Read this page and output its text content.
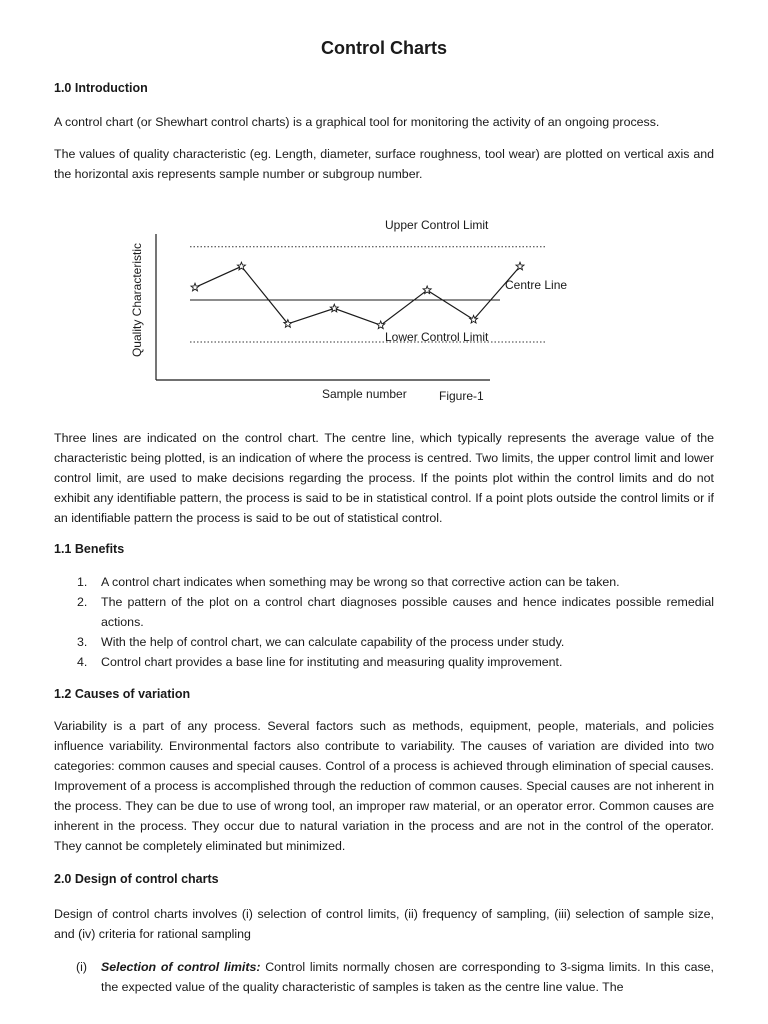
Control Charts
1.0 Introduction

A control chart (or Shewhart control charts) is a graphical tool for monitoring the activity of an ongoing process.

The values of quality characteristic (eg. Length, diameter, surface roughness, tool wear) are plotted on vertical axis and the horizontal axis represents sample number or subgroup number.

Upper Control Limit
Centre Line
Lower Control Limit
Quality Characteristic
Sample number	Figure-1

Three lines are indicated on the control chart. The centre line, which typically represents the average value of the characteristic being plotted, is an indication of where the process is centred. Two limits, the upper control limit and lower control limit, are used to make decisions regarding the process. If the points plot within the control limits and do not exhibit any identifiable pattern, the process is said to be in statistical control. If a point plots outside the control limits or if an identifiable pattern the process is said to be out of statistical control.

1.1 Benefits
1. A control chart indicates when something may be wrong so that corrective action can be taken.
2. The pattern of the plot on a control chart diagnoses possible causes and hence indicates possible remedial actions.
3. With the help of control chart, we can calculate capability of the process under study.
4. Control chart provides a base line for instituting and measuring quality improvement.
1.2 Causes of variation

Variability is a part of any process. Several factors such as methods, equipment, people, materials, and policies influence variability. Environmental factors also contribute to variability. The causes of variation are divided into two categories: common causes and special causes. Control of a process is achieved through elimination of special causes. Improvement of a process is accomplished through the reduction of common causes. Special causes are not inherent in the process. They can be due to use of wrong tool, an improper raw material, or an operator error. Common causes are inherent in the process. They occur due to natural variation in the process and are not in the control of the operator. They cannot be completely eliminated but minimized.

2.0 Design of control charts

Design of control charts involves (i) selection of control limits, (ii) frequency of sampling, (iii) selection of sample size, and (iv) criteria for rational sampling

(i)	Selection of control limits: Control limits normally chosen are corresponding to 3-sigma limits. In this case, the expected value of the quality characteristic of samples is taken as the centre line value. The
